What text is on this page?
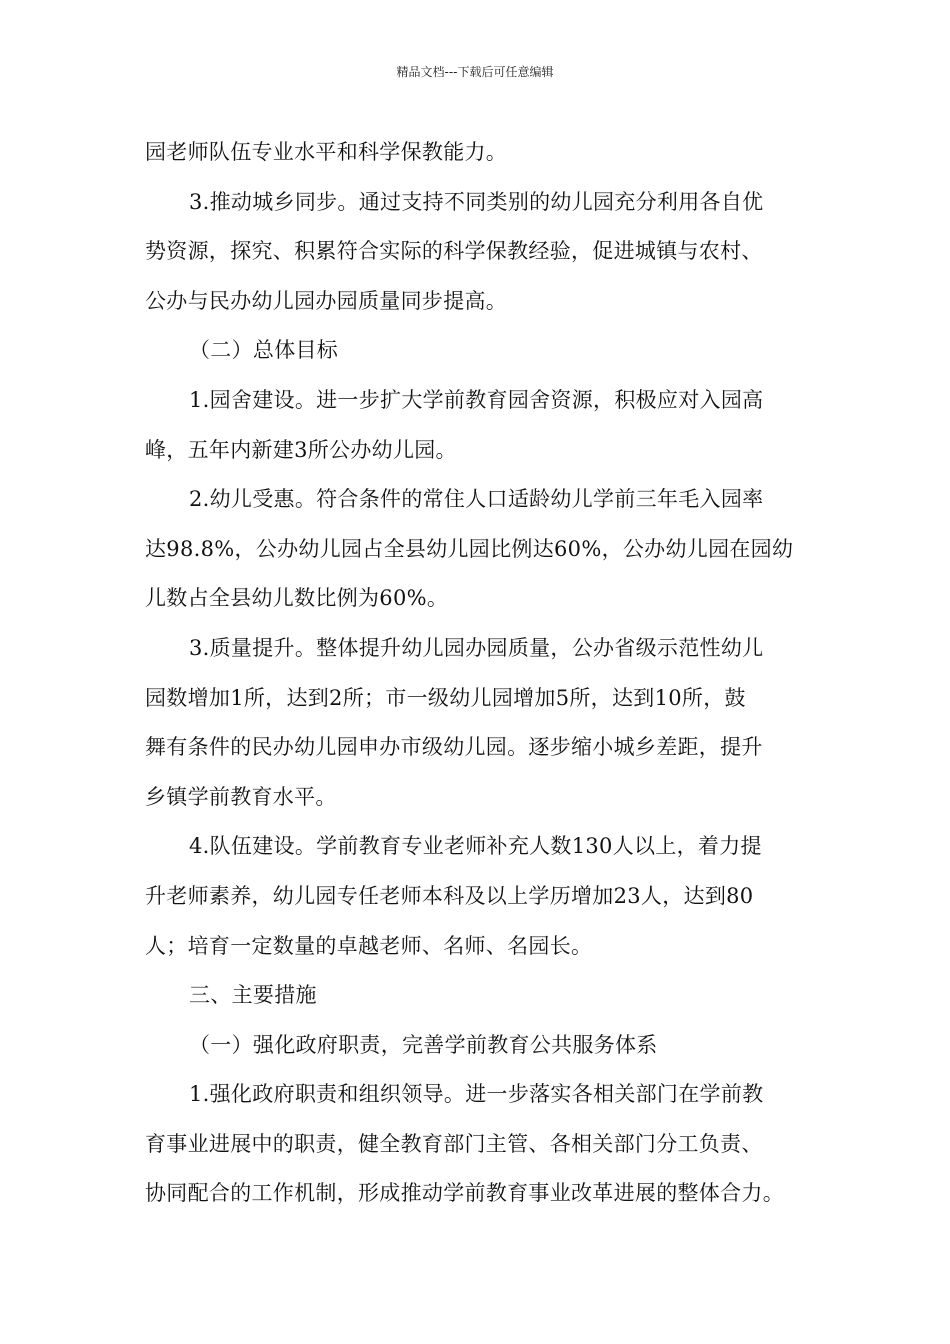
精品文档---下载后可任意编辑
园老师队伍专业水平和科学保教能力。
3.推动城乡同步。通过支持不同类别的幼儿园充分利用各自优
势资源，探究、积累符合实际的科学保教经验，促进城镇与农村、
公办与民办幼儿园办园质量同步提高。
（二）总体目标
1.园舍建设。进一步扩大学前教育园舍资源，积极应对入园高
峰，五年内新建3所公办幼儿园。
2.幼儿受惠。符合条件的常住人口适龄幼儿学前三年毛入园率
达98.8%，公办幼儿园占全县幼儿园比例达60%，公办幼儿园在园幼
儿数占全县幼儿数比例为60%。
3.质量提升。整体提升幼儿园办园质量，公办省级示范性幼儿
园数增加1所，达到2所；市一级幼儿园增加5所，达到10所，鼓
舞有条件的民办幼儿园申办市级幼儿园。逐步缩小城乡差距，提升
乡镇学前教育水平。
4.队伍建设。学前教育专业老师补充人数130人以上，着力提
升老师素养，幼儿园专任老师本科及以上学历增加23人，达到80
人；培育一定数量的卓越老师、名师、名园长。
三、主要措施
（一）强化政府职责，完善学前教育公共服务体系
1.强化政府职责和组织领导。进一步落实各相关部门在学前教
育事业进展中的职责，健全教育部门主管、各相关部门分工负责、
协同配合的工作机制，形成推动学前教育事业改革进展的整体合力。
